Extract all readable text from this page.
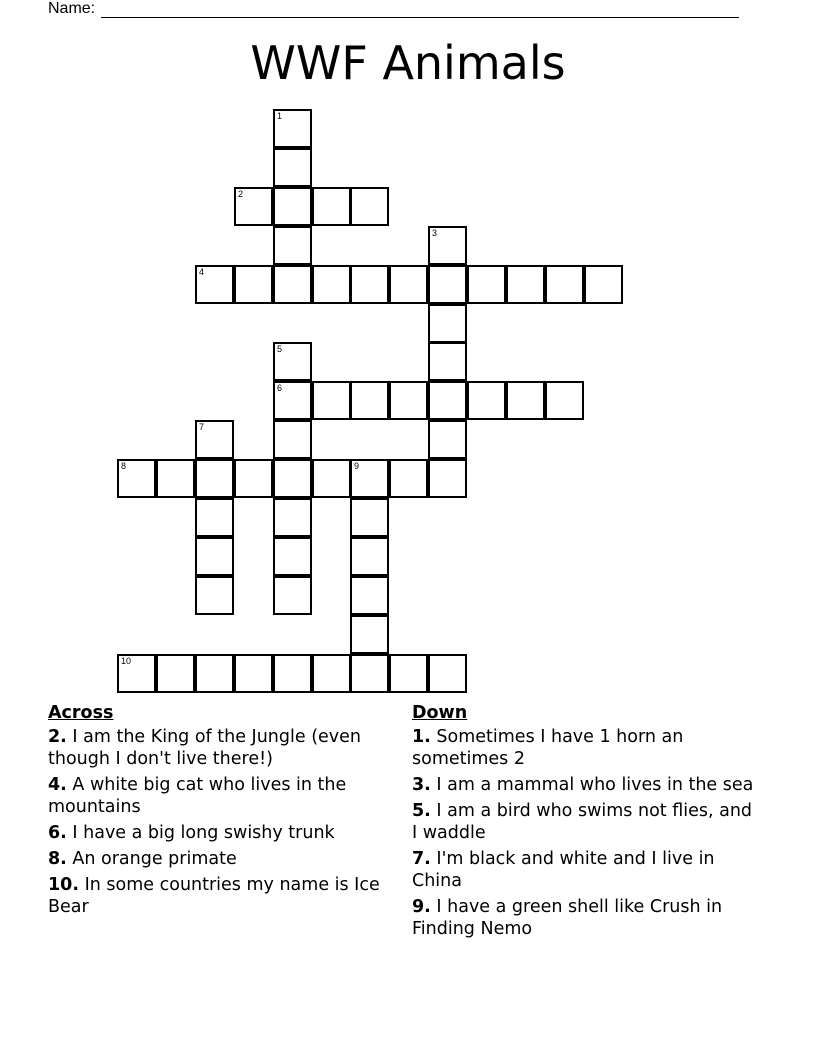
Name:
WWF Animals
1
2
3
4
5
6
7
8	9
10
Across
2. I am the King of the Jungle (even though I don't live there!)
4. A white big cat who lives in the mountains
6. I have a big long swishy trunk
8. An orange primate
10. In some countries my name is Ice Bear
Down
1. Sometimes I have 1 horn an sometimes 2
3. I am a mammal who lives in the sea
5. I am a bird who swims not flies, and I waddle
7. I'm black and white and I live in China
9. I have a green shell like Crush in Finding Nemo
